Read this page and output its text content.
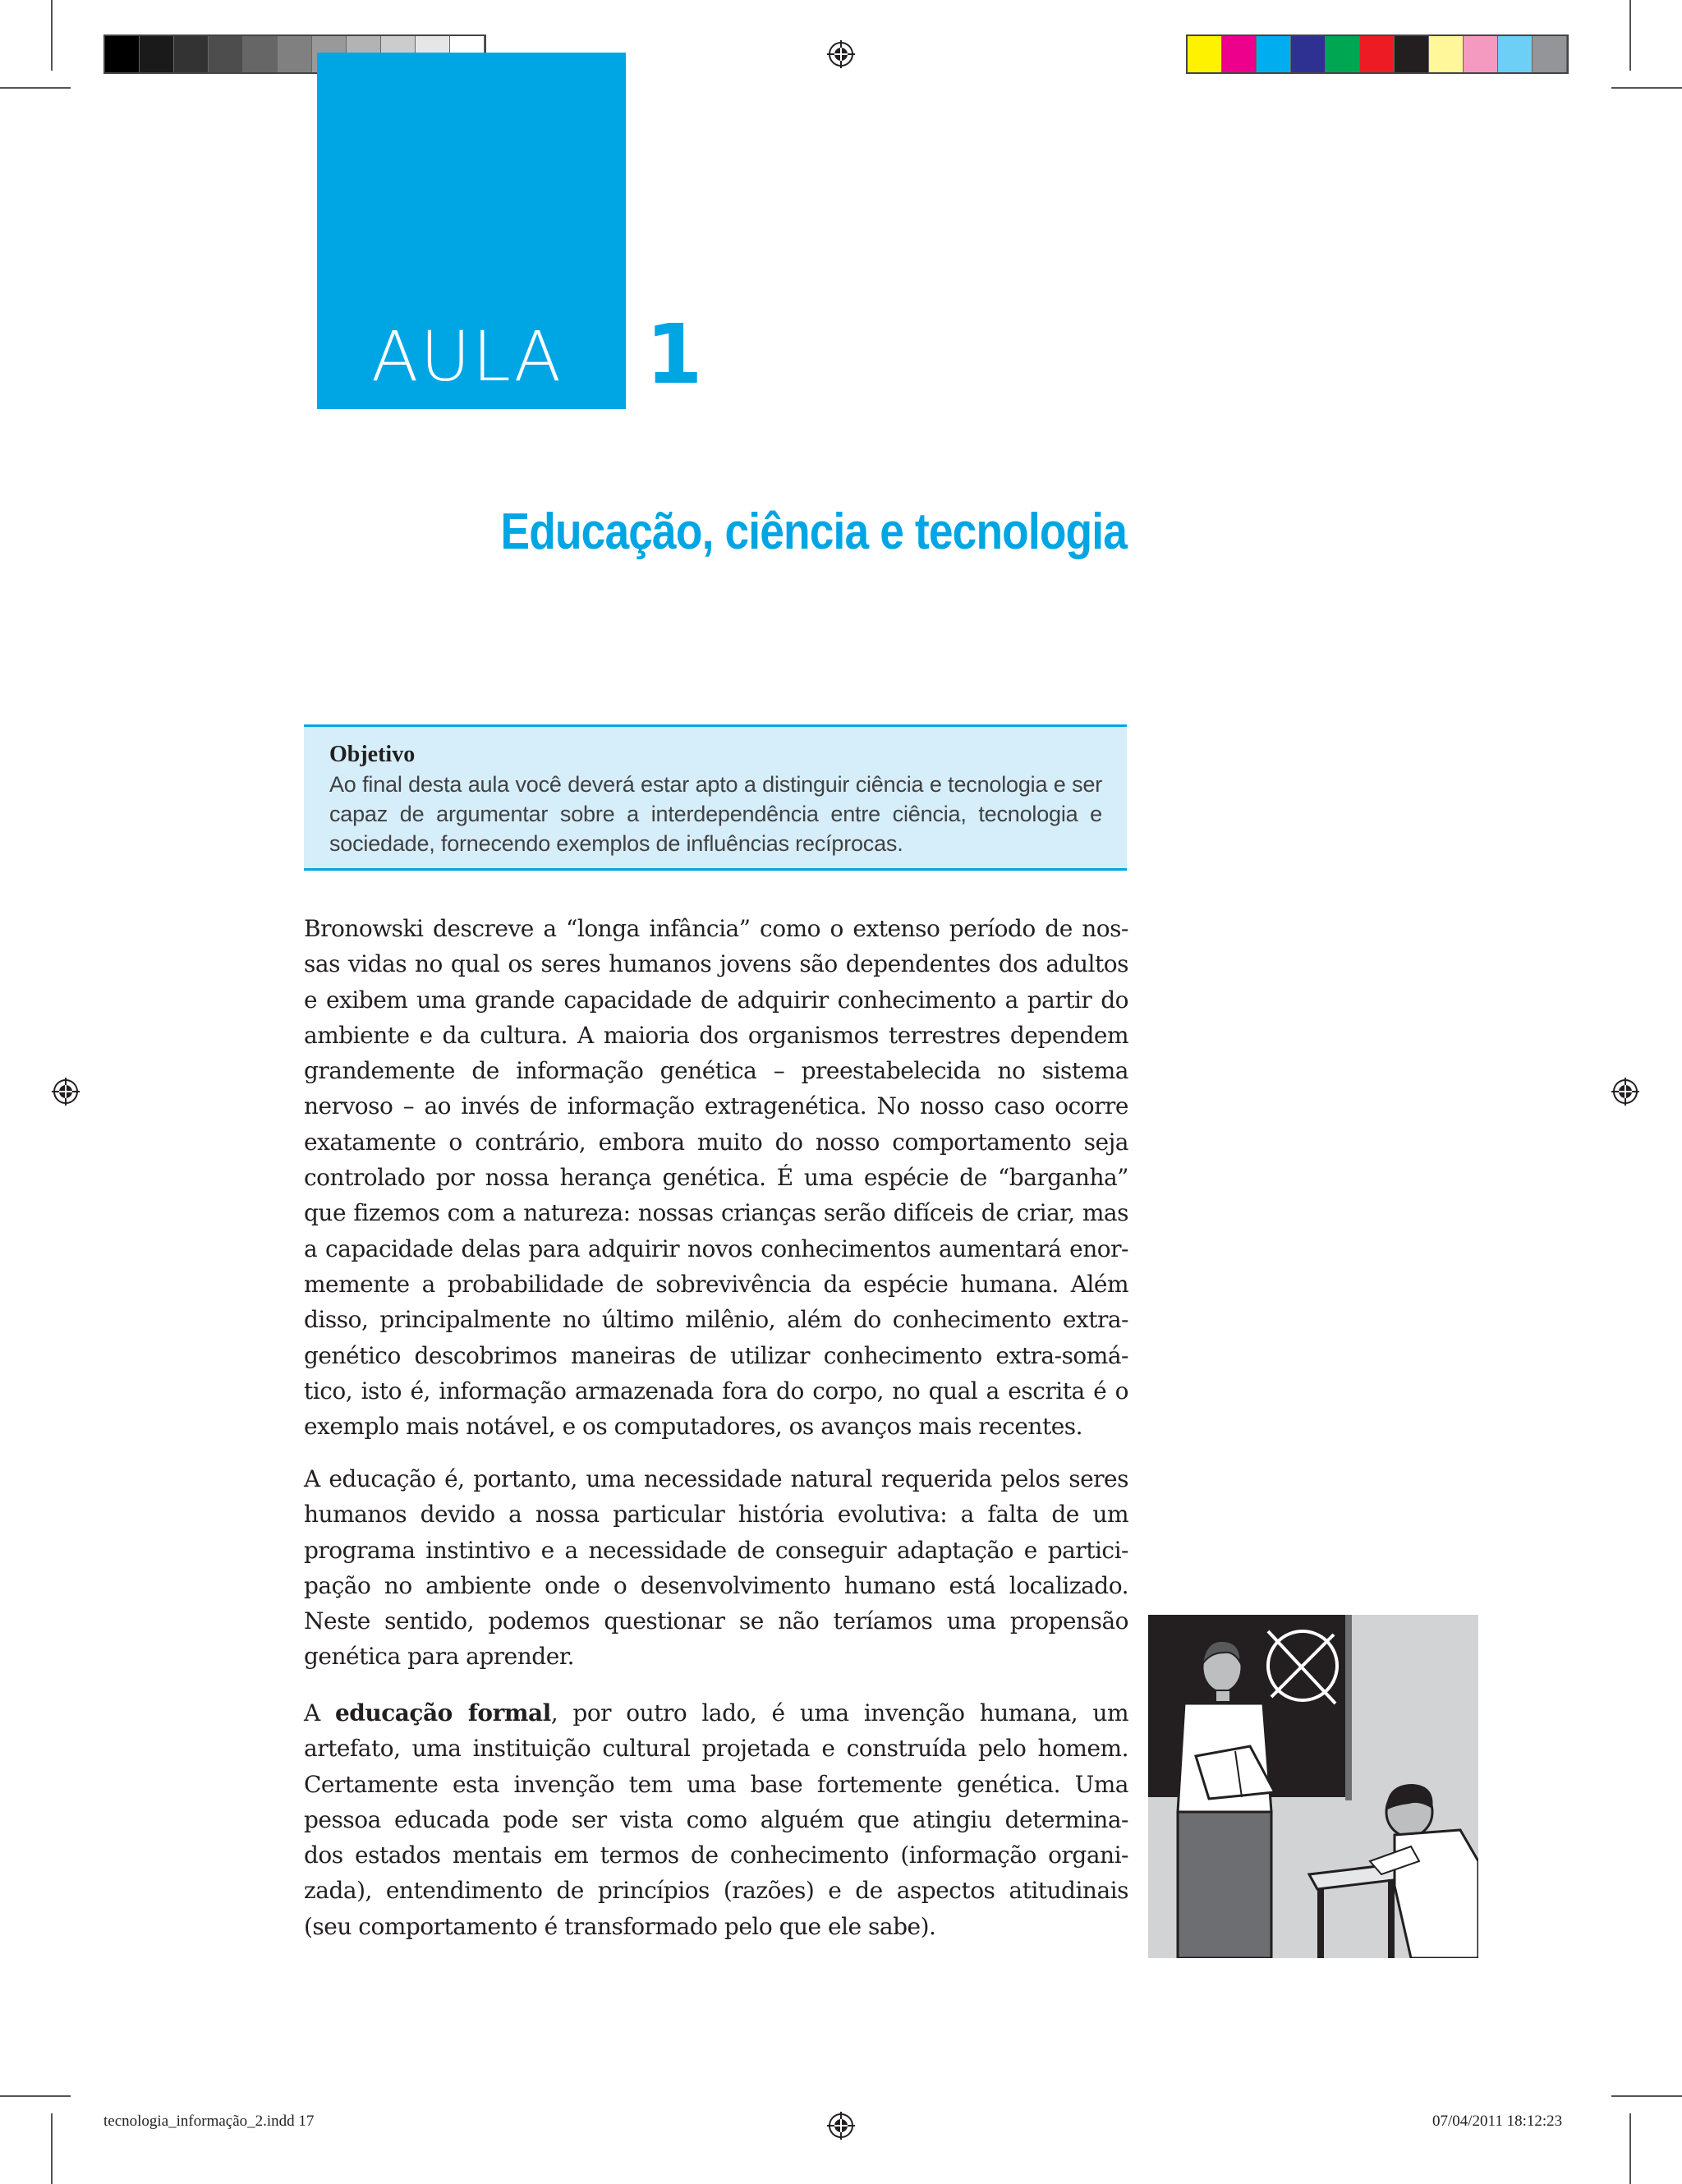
AULA 1
Educação, ciência e tecnologia
Objetivo
Ao final desta aula você deverá estar apto a distinguir ciência e tecnologia e ser capaz de argumentar sobre a interdependência entre ciência, tecnologia e sociedade, fornecendo exemplos de influências recíprocas.
Bronowski descreve a “longa infância” como o extenso período de nos-
sas vidas no qual os seres humanos jovens são dependentes dos adultos
e exibem uma grande capacidade de adquirir conhecimento a partir do
ambiente e da cultura. A maioria dos organismos terrestres dependem
grandemente de informação genética – preestabelecida no sistema
nervoso – ao invés de informação extragenética. No nosso caso ocorre
exatamente o contrário, embora muito do nosso comportamento seja
controlado por nossa herança genética. É uma espécie de “barganha”
que fizemos com a natureza: nossas crianças serão difíceis de criar, mas
a capacidade delas para adquirir novos conhecimentos aumentará enor-
memente a probabilidade de sobrevivência da espécie humana. Além
disso, principalmente no último milênio, além do conhecimento extra-
genético descobrimos maneiras de utilizar conhecimento extra-somá-
tico, isto é, informação armazenada fora do corpo, no qual a escrita é o
exemplo mais notável, e os computadores, os avanços mais recentes.
A educação é, portanto, uma necessidade natural requerida pelos seres
humanos devido a nossa particular história evolutiva: a falta de um
programa instintivo e a necessidade de conseguir adaptação e partici-
pação no ambiente onde o desenvolvimento humano está localizado.
Neste sentido, podemos questionar se não teríamos uma propensão
genética para aprender.
A educação formal, por outro lado, é uma invenção humana, um
artefato, uma instituição cultural projetada e construída pelo homem.
Certamente esta invenção tem uma base fortemente genética. Uma
pessoa educada pode ser vista como alguém que atingiu determina-
dos estados mentais em termos de conhecimento (informação organi-
zada), entendimento de princípios (razões) e de aspectos atitudinais
(seu comportamento é transformado pelo que ele sabe).
tecnologia_informação_2.indd 17	07/04/2011 18:12:23
